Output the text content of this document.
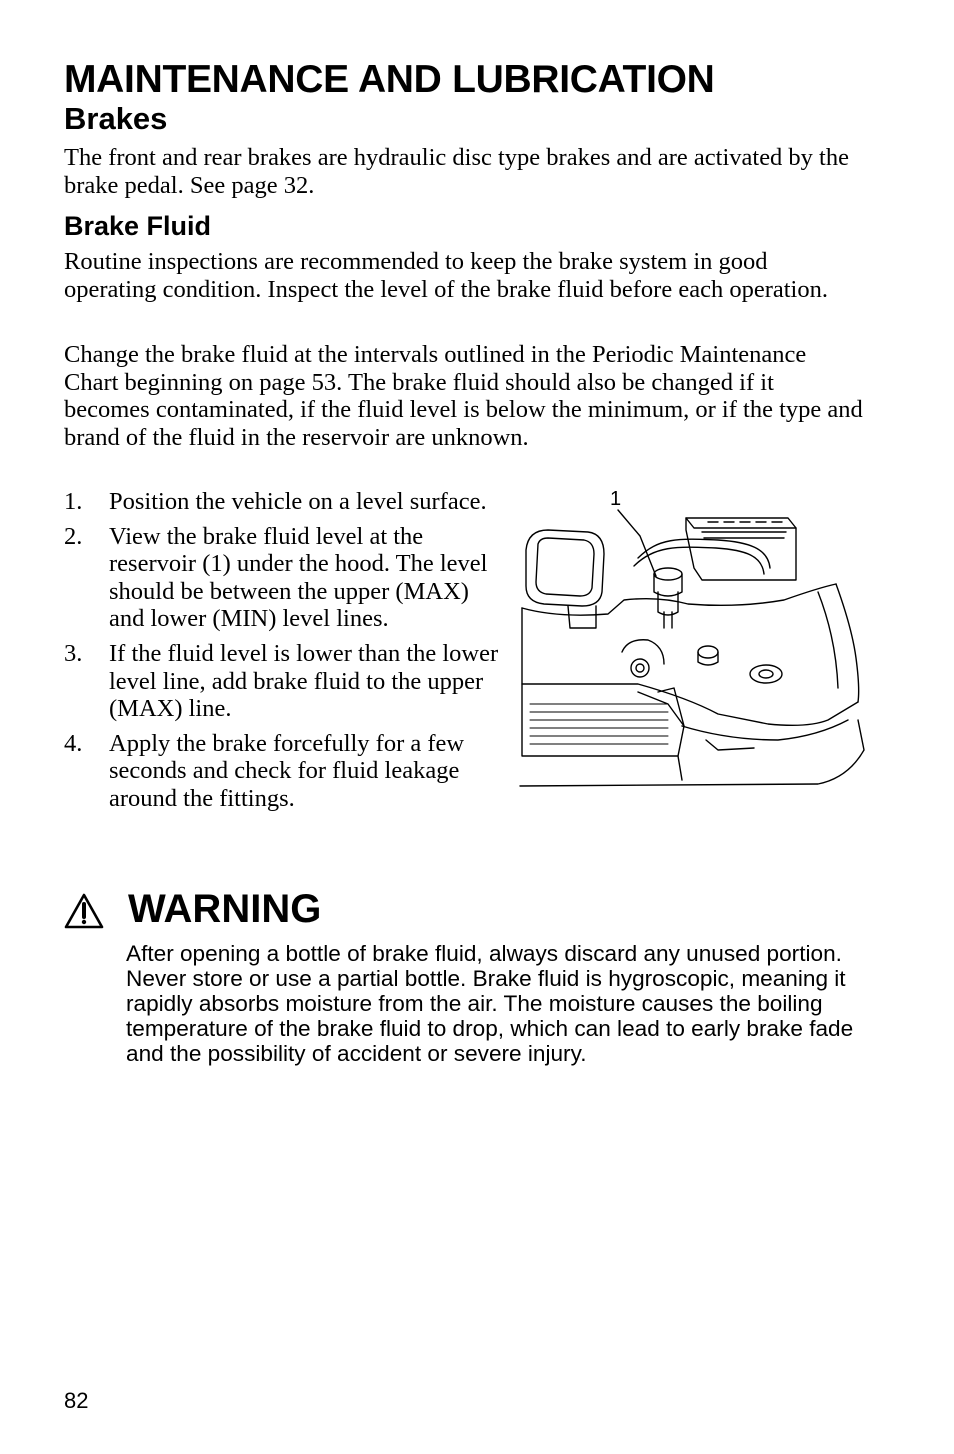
MAINTENANCE AND LUBRICATION
Brakes

The front and rear brakes are hydraulic disc type brakes and are activated by the brake pedal. See page 32.

Brake Fluid

Routine inspections are recommended to keep the brake system in good operating condition. Inspect the level of the brake fluid before each operation.

Change the brake fluid at the intervals outlined in the Periodic Maintenance Chart beginning on page 53. The brake fluid should also be changed if it becomes contaminated, if the fluid level is below the minimum, or if the type and brand of the fluid in the reservoir are unknown.

1. Position the vehicle on a level surface.
2. View the brake fluid level at the reservoir (1) under the hood. The level should be between the upper (MAX) and lower (MIN) level lines.
3. If the fluid level is lower than the lower level line, add brake fluid to the upper (MAX) line.
4. Apply the brake forcefully for a few seconds and check for fluid leakage around the fittings.
1
WARNING

After opening a bottle of brake fluid, always discard any unused portion. Never store or use a partial bottle. Brake fluid is hygroscopic, meaning it rapidly absorbs moisture from the air. The moisture causes the boiling temperature of the brake fluid to drop, which can lead to early brake fade and the possibility of accident or severe injury.

82
